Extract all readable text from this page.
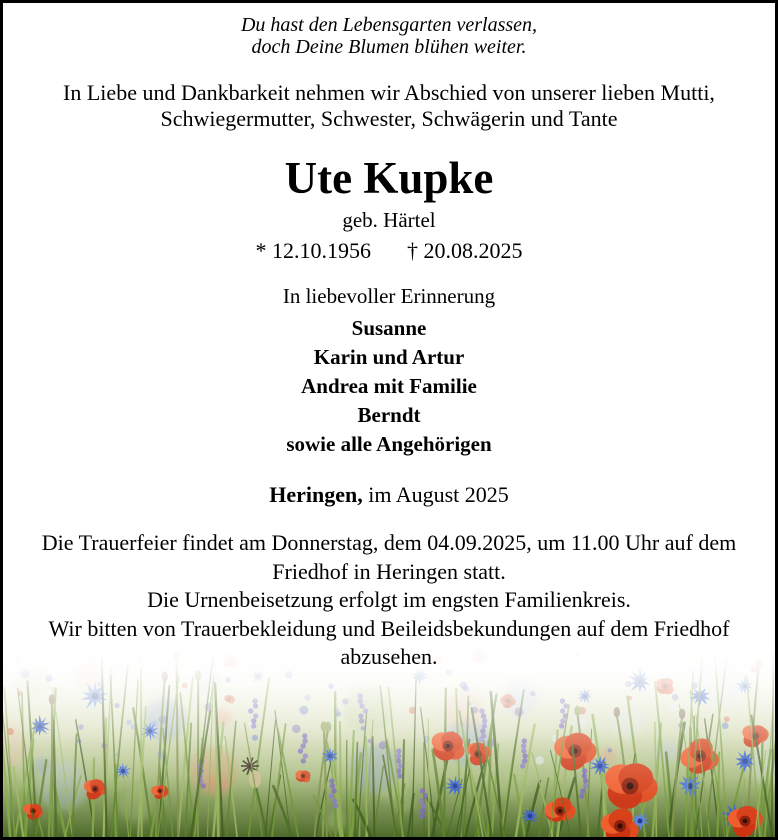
Du hast den Lebensgarten verlassen,
doch Deine Blumen blühen weiter.
In Liebe und Dankbarkeit nehmen wir Abschied von unserer lieben Mutti, Schwiegermutter, Schwester, Schwägerin und Tante
Ute Kupke
geb. Härtel
* 12.10.1956 † 20.08.2025
In liebevoller Erinnerung
Susanne
Karin und Artur
Andrea mit Familie
Berndt
sowie alle Angehörigen
Heringen, im August 2025
Die Trauerfeier findet am Donnerstag, dem 04.09.2025, um 11.00 Uhr auf dem Friedhof in Heringen statt.
Die Urnenbeisetzung erfolgt im engsten Familienkreis.
Wir bitten von Trauerbekleidung und Beileidsbekundungen auf dem Friedhof abzusehen.
